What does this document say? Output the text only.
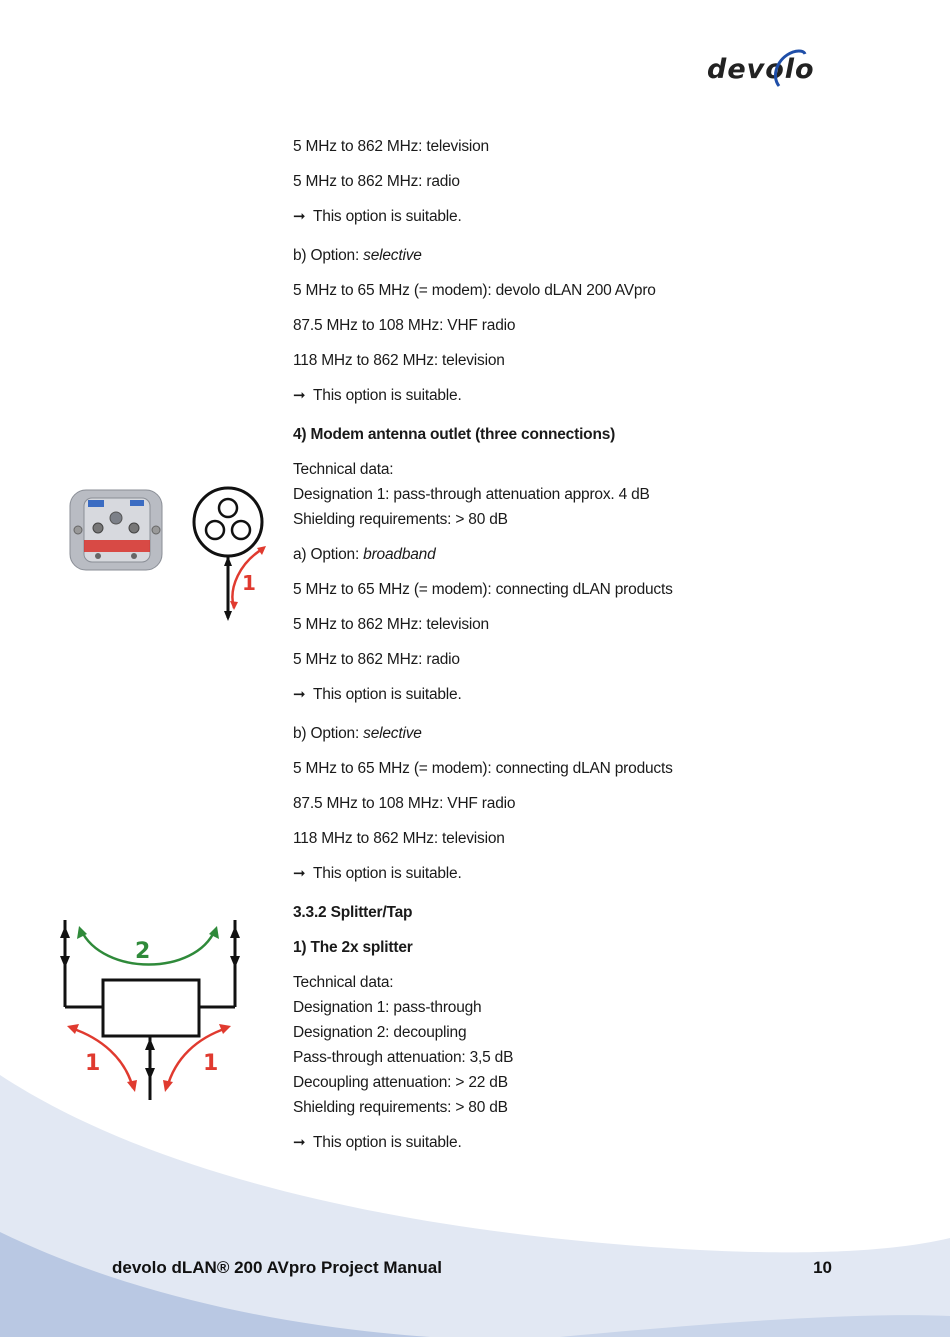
devolo
5 MHz to 862 MHz: television
5 MHz to 862 MHz: radio
➞ This option is suitable.
b) Option: selective
5 MHz to 65 MHz (= modem): devolo dLAN 200 AVpro
87.5 MHz to 108 MHz: VHF radio
118 MHz to 862 MHz: television
➞ This option is suitable.
4) Modem antenna outlet (three connections)
Technical data:
Designation 1: pass-through attenuation approx. 4 dB
Shielding requirements: > 80 dB
a) Option: broadband
5 MHz to 65 MHz (= modem): connecting dLAN products
5 MHz to 862 MHz: television
5 MHz to 862 MHz: radio
➞ This option is suitable.
b) Option: selective
5 MHz to 65 MHz (= modem): connecting dLAN products
87.5 MHz to 108 MHz: VHF radio
118 MHz to 862 MHz: television
➞ This option is suitable.
3.3.2 Splitter/Tap
1) The 2x splitter
Technical data:
Designation 1: pass-through
Designation 2: decoupling
Pass-through attenuation: 3,5 dB
Decoupling attenuation: > 22 dB
Shielding requirements: > 80 dB
➞ This option is suitable.
1
2
1	1
devolo dLAN® 200 AVpro Project Manual	10
